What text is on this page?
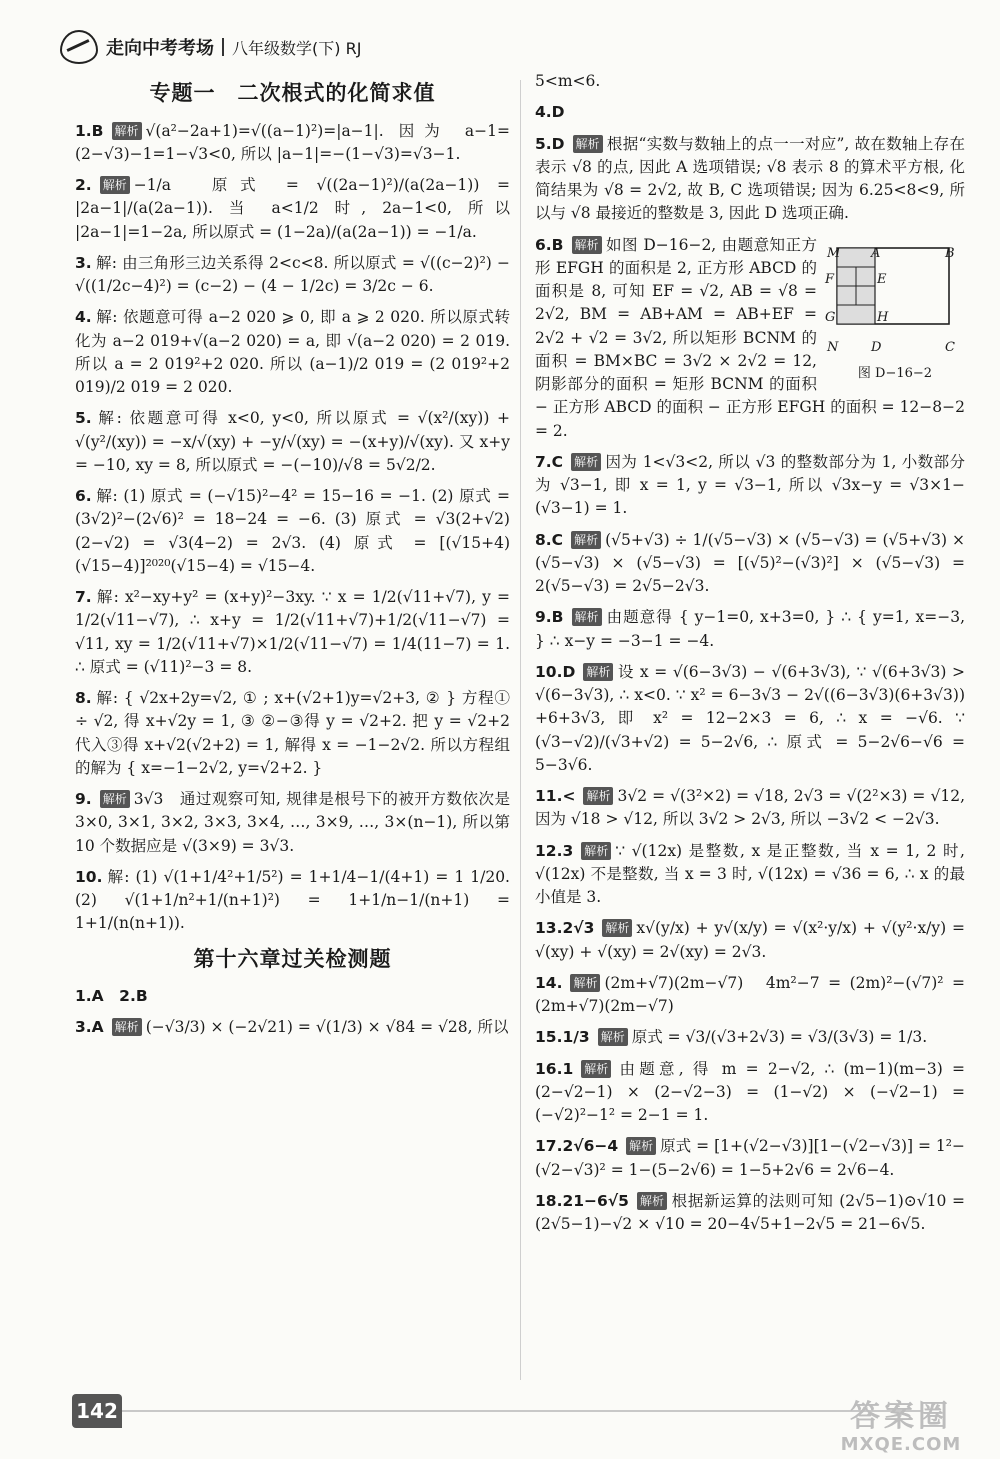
走向中考考场 八年级数学(下) RJ
专题一　二次根式的化简求值
1.B 解析 √(a²−2a+1)=√((a−1)²)=|a−1|. 因为 a−1=(2−√3)−1=1−√3<0, 所以 |a−1|=−(1−√3)=√3−1.
2. 解析 −1/a　原式 = √((2a−1)²)/(a(2a−1)) = |2a−1|/(a(2a−1)). 当 a<1/2 时, 2a−1<0, 所以 |2a−1|=1−2a, 所以原式 = (1−2a)/(a(2a−1)) = −1/a.
3. 解: 由三角形三边关系得 2<c<8. 所以原式 = √((c−2)²) − √((1/2c−4)²) = (c−2) − (4 − 1/2c) = 3/2c − 6.
4. 解: 依题意可得 a−2 020 ⩾ 0, 即 a ⩾ 2 020. 所以原式转化为 a−2 019+√(a−2 020) = a, 即 √(a−2 020) = 2 019. 所以 a = 2 019²+2 020. 所以 (a−1)/2 019 = (2 019²+2 019)/2 019 = 2 020.
5. 解: 依题意可得 x<0, y<0, 所以原式 = √(x²/(xy)) + √(y²/(xy)) = −x/√(xy) + −y/√(xy) = −(x+y)/√(xy). 又 x+y = −10, xy = 8, 所以原式 = −(−10)/√8 = 5√2/2.
6. 解: (1) 原式 = (−√15)²−4² = 15−16 = −1. (2) 原式 = (3√2)²−(2√6)² = 18−24 = −6. (3) 原式 = √3(2+√2)(2−√2) = √3(4−2) = 2√3. (4) 原式 = [(√15+4)(√15−4)]²⁰²⁰(√15−4) = √15−4.
7. 解: x²−xy+y² = (x+y)²−3xy. ∵ x = 1/2(√11+√7), y = 1/2(√11−√7), ∴ x+y = 1/2(√11+√7)+1/2(√11−√7) = √11, xy = 1/2(√11+√7)×1/2(√11−√7) = 1/4(11−7) = 1. ∴ 原式 = (√11)²−3 = 8.
8. 解: { √2x+2y=√2, ① ; x+(√2+1)y=√2+3, ② } 方程① ÷ √2, 得 x+√2y = 1, ③ ②−③得 y = √2+2. 把 y = √2+2 代入③得 x+√2(√2+2) = 1, 解得 x = −1−2√2. 所以方程组的解为 { x=−1−2√2, y=√2+2. }
9. 解析 3√3　通过观察可知, 规律是根号下的被开方数依次是 3×0, 3×1, 3×2, 3×3, 3×4, …, 3×9, …, 3×(n−1), 所以第 10 个数据应是 √(3×9) = 3√3.
10. 解: (1) √(1+1/4²+1/5²) = 1+1/4−1/(4+1) = 1 1/20. (2) √(1+1/n²+1/(n+1)²) = 1+1/n−1/(n+1) = 1+1/(n(n+1)).
第十六章过关检测题
1.A　2.B
3.A 解析 (−√3/3) × (−2√21) = √(1/3) × √84 = √28, 所以
5<m<6.
4.D
5.D 解析 根据“实数与数轴上的点一一对应”, 故在数轴上存在表示 √8 的点, 因此 A 选项错误; √8 表示 8 的算术平方根, 化简结果为 √8 = 2√2, 故 B, C 选项错误; 因为 6.25<8<9, 所以与 √8 最接近的整数是 3, 因此 D 选项正确.
M A	B
F	E
G	H
N	D	C
图 D−16−2
6.B 解析 如图 D−16−2, 由题意知正方形 EFGH 的面积是 2, 正方形 ABCD 的面积是 8, 可知 EF = √2, AB = √8 = 2√2, BM = AB+AM = AB+EF = 2√2 + √2 = 3√2, 所以矩形 BCNM 的面积 = BM×BC = 3√2 × 2√2 = 12, 阴影部分的面积 = 矩形 BCNM 的面积 − 正方形 ABCD 的面积 − 正方形 EFGH 的面积 = 12−8−2 = 2.
7.C 解析 因为 1<√3<2, 所以 √3 的整数部分为 1, 小数部分为 √3−1, 即 x = 1, y = √3−1, 所以 √3x−y = √3×1−(√3−1) = 1.
8.C 解析 (√5+√3) ÷ 1/(√5−√3) × (√5−√3) = (√5+√3) × (√5−√3) × (√5−√3) = [(√5)²−(√3)²] × (√5−√3) = 2(√5−√3) = 2√5−2√3.
9.B 解析 由题意得 { y−1=0, x+3=0, } ∴ { y=1, x=−3, } ∴ x−y = −3−1 = −4.
10.D 解析 设 x = √(6−3√3) − √(6+3√3), ∵ √(6+3√3) > √(6−3√3), ∴ x<0. ∵ x² = 6−3√3 − 2√((6−3√3)(6+3√3)) +6+3√3, 即 x² = 12−2×3 = 6, ∴ x = −√6. ∵ (√3−√2)/(√3+√2) = 5−2√6, ∴ 原式 = 5−2√6−√6 = 5−3√6.
11.< 解析 3√2 = √(3²×2) = √18, 2√3 = √(2²×3) = √12, 因为 √18 > √12, 所以 3√2 > 2√3, 所以 −3√2 < −2√3.
12.3 解析 ∵ √(12x) 是整数, x 是正整数, 当 x = 1, 2 时, √(12x) 不是整数, 当 x = 3 时, √(12x) = √36 = 6, ∴ x 的最小值是 3.
13.2√3 解析 x√(y/x) + y√(x/y) = √(x²·y/x) + √(y²·x/y) = √(xy) + √(xy) = 2√(xy) = 2√3.
14. 解析 (2m+√7)(2m−√7)　4m²−7 = (2m)²−(√7)² = (2m+√7)(2m−√7)
15.1/3 解析 原式 = √3/(√3+2√3) = √3/(3√3) = 1/3.
16.1 解析 由题意, 得 m = 2−√2, ∴ (m−1)(m−3) = (2−√2−1) × (2−√2−3) = (1−√2) × (−√2−1) = (−√2)²−1² = 2−1 = 1.
17.2√6−4 解析 原式 = [1+(√2−√3)][1−(√2−√3)] = 1²−(√2−√3)² = 1−(5−2√6) = 1−5+2√6 = 2√6−4.
18.21−6√5 解析 根据新运算的法则可知 (2√5−1)⊙√10 = (2√5−1)−√2 × √10 = 20−4√5+1−2√5 = 21−6√5.
142	答案圈
MXQE.COM
